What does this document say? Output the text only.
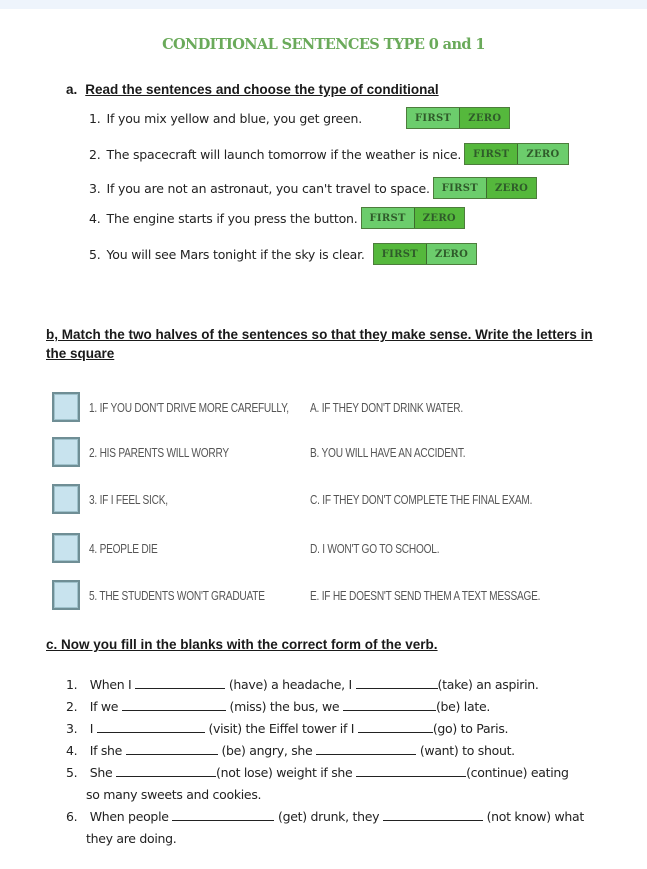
CONDITIONAL SENTENCES TYPE 0 and 1
a. Read the sentences and choose the type of conditional
1. If you mix yellow and blue, you get green.	FIRST	ZERO
2. The spacecraft will launch tomorrow if the weather is nice.	FIRST	ZERO
3. If you are not an astronaut, you can't travel to space.	FIRST	ZERO
4. The engine starts if you press the button.	FIRST	ZERO
5. You will see Mars tonight if the sky is clear.	FIRST	ZERO
b, Match the two halves of the sentences so that they make sense. Write the letters in the square
1. IF YOU DON'T DRIVE MORE CAREFULLY, A. IF THEY DON'T DRINK WATER.
2. HIS PARENTS WILL WORRY	B. YOU WILL HAVE AN ACCIDENT.
3. IF I FEEL SICK,	C. IF THEY DON'T COMPLETE THE FINAL EXAM.
4. PEOPLE DIE	D. I WON'T GO TO SCHOOL.
5. THE STUDENTS WON'T GRADUATE	E. IF HE DOESN'T SEND THEM A TEXT MESSAGE.
c. Now you fill in the blanks with the correct form of the verb.
1. When I	(have) a headache, I	(take) an aspirin.
2. If we	(miss) the bus, we	(be) late.
3. I	(visit) the Eiffel tower if I	(go) to Paris.
4. If she	(be) angry, she	(want) to shout.
5. She	(not lose) weight if she	(continue) eating
so many sweets and cookies.
6. When people	(get) drunk, they	(not know) what
they are doing.
